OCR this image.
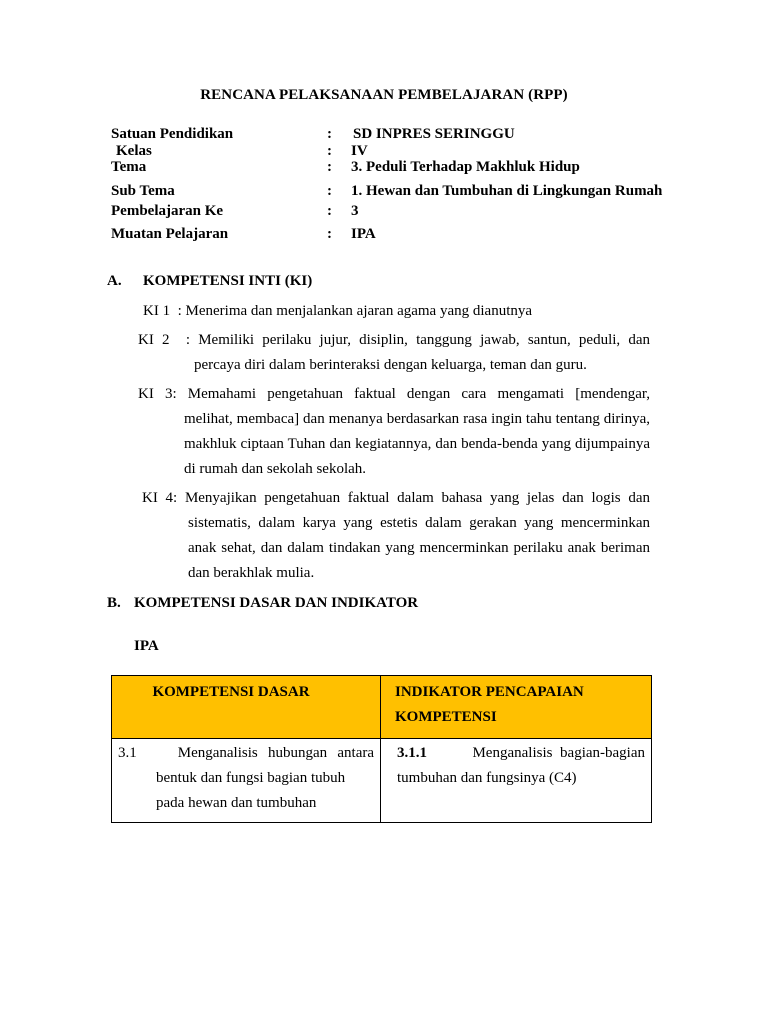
RENCANA PELAKSANAAN PEMBELAJARAN (RPP)
Satuan Pendidikan	: SD INPRES SERINGGU
Kelas	: IV
Tema	: 3. Peduli Terhadap Makhluk Hidup
Sub Tema	: 1. Hewan dan Tumbuhan di Lingkungan Rumah
Pembelajaran Ke	: 3
Muatan Pelajaran	: IPA
A. KOMPETENSI INTI (KI)
KI 1  : Menerima dan menjalankan ajaran agama yang dianutnya
KI 2  : Memiliki perilaku jujur, disiplin, tanggung jawab, santun, peduli, dan
percaya diri dalam berinteraksi dengan keluarga, teman dan guru.
KI 3: Memahami pengetahuan faktual dengan cara mengamati [mendengar,
melihat, membaca] dan menanya berdasarkan rasa ingin tahu tentang dirinya, makhluk ciptaan Tuhan dan kegiatannya, dan benda-benda yang dijumpainya di rumah dan sekolah sekolah.
KI 4: Menyajikan pengetahuan faktual dalam bahasa yang jelas dan logis dan
sistematis, dalam karya yang estetis dalam gerakan yang mencerminkan anak sehat, dan dalam tindakan yang mencerminkan perilaku anak beriman dan berakhlak mulia.
B. KOMPETENSI DASAR DAN INDIKATOR
IPA
KOMPETENSI DASAR	INDIKATOR PENCAPAIAN KOMPETENSI

3.1 Menganalisis hubungan antara
bentuk dan fungsi bagian tubuh pada hewan dan tumbuhan	3.1.1 Menganalisis bagian-bagian
tumbuhan dan fungsinya (C4)
